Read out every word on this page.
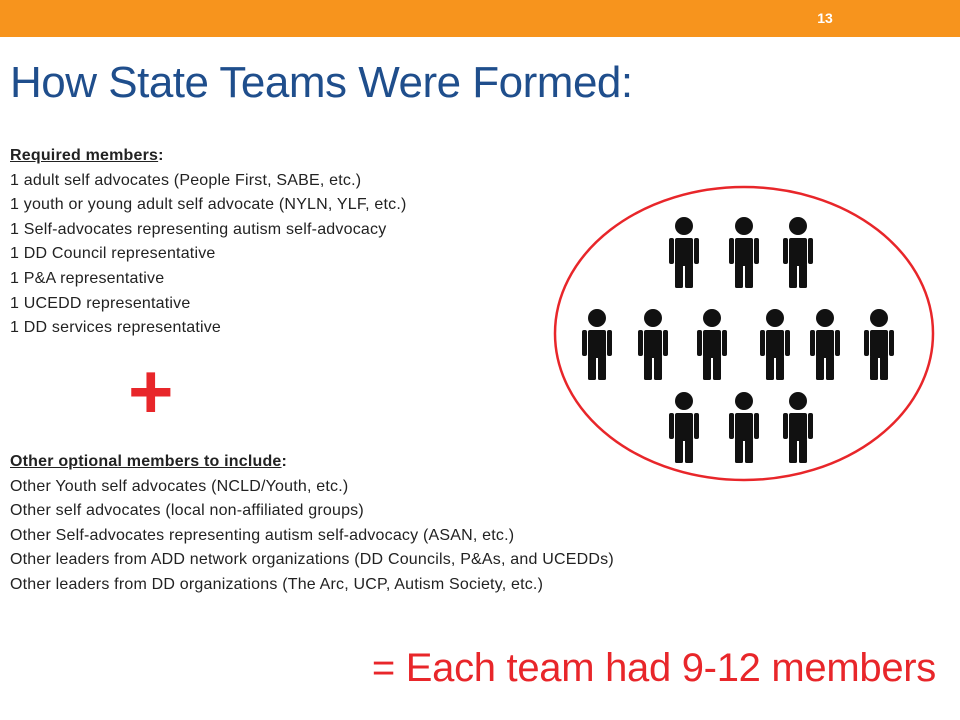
13
How State Teams Were Formed:
Required members:
1 adult self advocates (People First, SABE, etc.)
1 youth or young adult self advocate (NYLN, YLF, etc.)
1 Self-advocates representing autism self-advocacy
1 DD Council representative
1 P&A representative
1 UCEDD representative
1 DD services representative
+
Other optional members to include:
Other Youth self advocates (NCLD/Youth, etc.)
Other self advocates (local non-affiliated groups)
Other Self-advocates representing autism self-advocacy (ASAN, etc.)
Other leaders from ADD network organizations (DD Councils, P&As, and UCEDDs)
Other leaders from DD organizations (The Arc, UCP, Autism Society, etc.)
= Each team had 9-12 members
